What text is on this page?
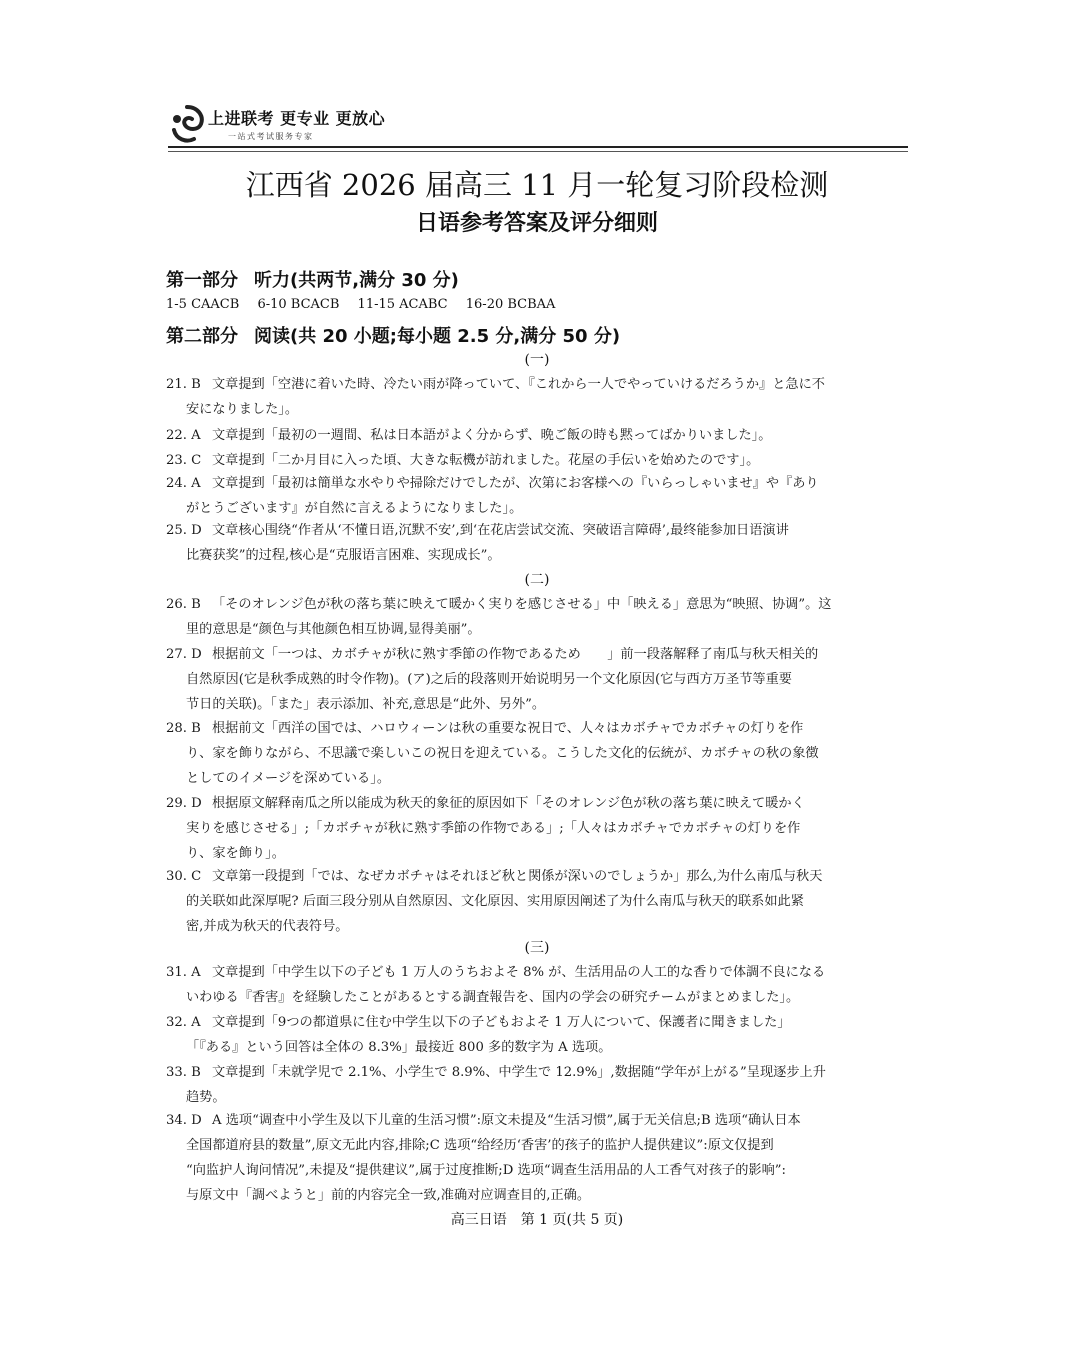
上进联考 更专业 更放心
一站式考试服务专家
江西省 2026 届高三 11 月一轮复习阶段检测
日语参考答案及评分细则
第一部分 听力(共两节,满分 30 分)
1-5 CAACB 6-10 BCACB 11-15 ACABC 16-20 BCBAA
第二部分 阅读(共 20 小题;每小题 2.5 分,满分 50 分)
(一)
(二)
(三)
21. B 文章提到「空港に着いた時、冷たい雨が降っていて、『これから一人でやっていけるだろうか』と急に不
安になりました」。
22. A 文章提到「最初の一週間、私は日本語がよく分からず、晩ご飯の時も黙ってばかりいました」。
23. C 文章提到「二か月目に入った頃、大きな転機が訪れました。花屋の手伝いを始めたのです」。
24. A 文章提到「最初は簡単な水やりや掃除だけでしたが、次第にお客様への『いらっしゃいませ』や『あり
がとうございます』が自然に言えるようになりました」。
25. D 文章核心围绕“作者从‘不懂日语,沉默不安’,到‘在花店尝试交流、突破语言障碍’,最终能参加日语演讲
比赛获奖”的过程,核心是“克服语言困难、实现成长”。
26. B 「そのオレンジ色が秋の落ち葉に映えて暖かく実りを感じさせる」中「映える」意思为“映照、协调”。这
里的意思是“颜色与其他颜色相互协调,显得美丽”。
27. D 根据前文「一つは、カボチャが秋に熟す季節の作物であるため　　」前一段落解释了南瓜与秋天相关的
自然原因(它是秋季成熟的时令作物)。(ア)之后的段落则开始说明另一个文化原因(它与西方万圣节等重要
节日的关联)。「また」表示添加、补充,意思是“此外、另外”。
28. B 根据前文「西洋の国では、ハロウィーンは秋の重要な祝日で、人々はカボチャでカボチャの灯りを作
り、家を飾りながら、不思議で楽しいこの祝日を迎えている。こうした文化的伝統が、カボチャの秋の象徴
としてのイメージを深めている」。
29. D 根据原文解释南瓜之所以能成为秋天的象征的原因如下「そのオレンジ色が秋の落ち葉に映えて暖かく
実りを感じさせる」;「カボチャが秋に熟す季節の作物である」;「人々はカボチャでカボチャの灯りを作
り、家を飾り」。
30. C 文章第一段提到「では、なぜカボチャはそれほど秋と関係が深いのでしょうか」那么,为什么南瓜与秋天
的关联如此深厚呢? 后面三段分别从自然原因、文化原因、实用原因阐述了为什么南瓜与秋天的联系如此紧
密,并成为秋天的代表符号。
31. A 文章提到「中学生以下の子ども 1 万人のうちおよそ 8% が、生活用品の人工的な香りで体調不良になる
いわゆる『香害』を経験したことがあるとする調査報告を、国内の学会の研究チームがまとめました」。
32. A 文章提到「9つの都道県に住む中学生以下の子どもおよそ 1 万人について、保護者に聞きました」
「『ある』という回答は全体の 8.3%」最接近 800 多的数字为 A 选项。
33. B 文章提到「未就学児で 2.1%、小学生で 8.9%、中学生で 12.9%」,数据随“学年が上がる”呈现逐步上升
趋势。
34. D A 选项“调查中小学生及以下儿童的生活习惯”:原文未提及“生活习惯”,属于无关信息;B 选项“确认日本
全国都道府县的数量”,原文无此内容,排除;C 选项“给经历‘香害’的孩子的监护人提供建议”:原文仅提到
“向监护人询问情况”,未提及“提供建议”,属于过度推断;D 选项“调查生活用品的人工香气对孩子的影响”:
与原文中「調べようと」前的内容完全一致,准确对应调查目的,正确。
高三日语　第 1 页(共 5 页)
